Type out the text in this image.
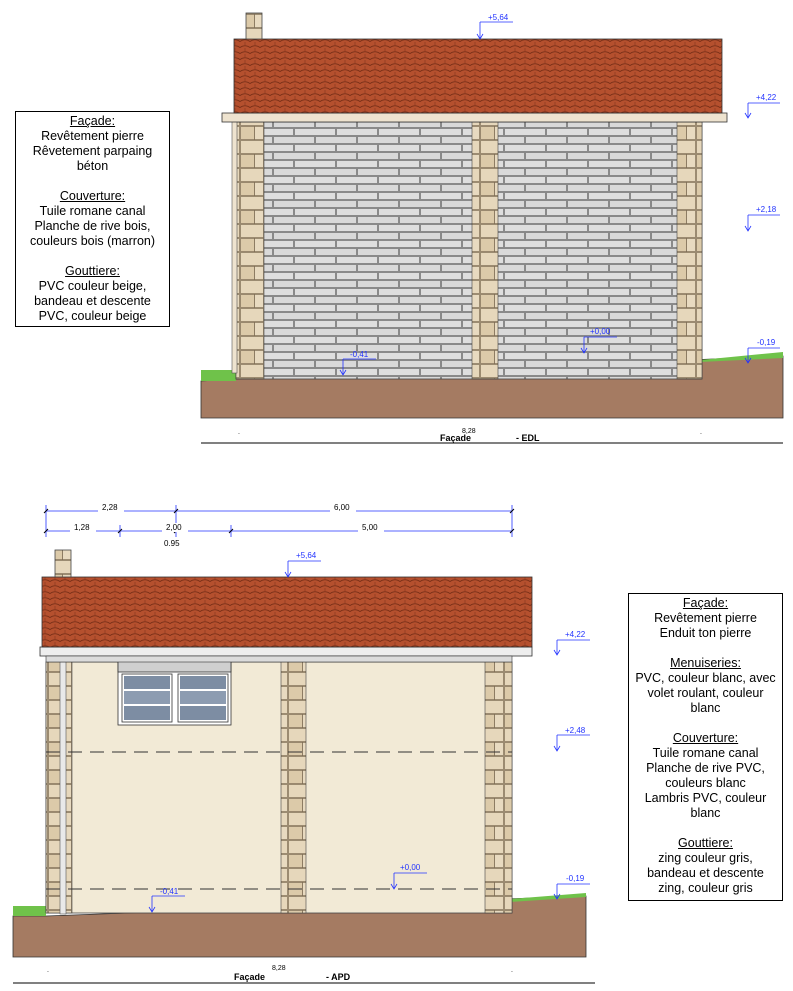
+5,64
+4,22
+2,18
+0,00
-0,41
-0,19
.	.
8,28
Façade	- EDL
2,28	6,00
1,28	2,00	5,00
0.95
+5,64
+4,22
+2,48
+0,00
-0,41
-0,19
.	.
8,28
Façade	- APD
Façade:
Revêtement pierre
Rêvetement parpaing
béton
Couverture:
Tuile romane canal
Planche de rive bois,
couleurs bois (marron)
Gouttiere:
PVC couleur beige,
bandeau et descente
PVC, couleur beige
Façade:
Revêtement pierre
Enduit ton pierre
Menuiseries:
PVC, couleur blanc, avec
volet roulant, couleur
blanc
Couverture:
Tuile romane canal
Planche de rive PVC,
couleurs blanc
Lambris PVC, couleur
blanc
Gouttiere:
zing couleur gris,
bandeau et descente
zing, couleur gris
